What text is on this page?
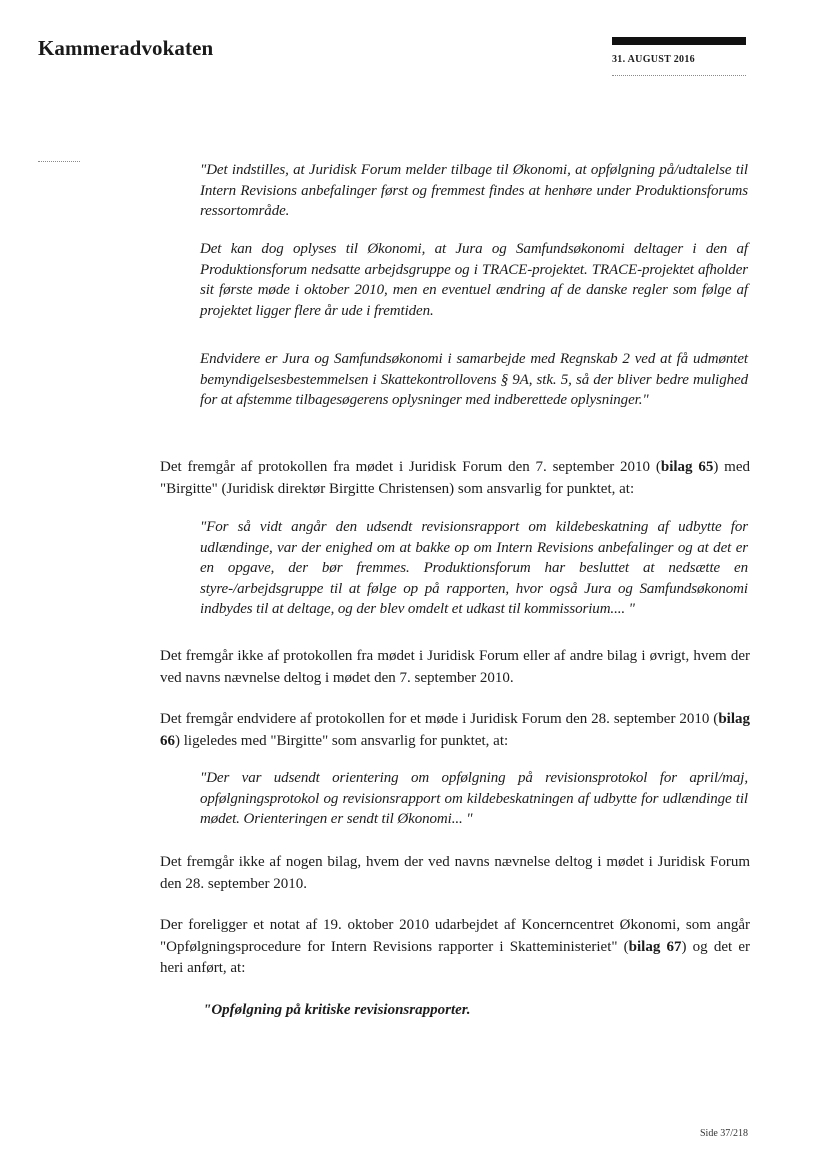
Kammeradvokaten	31. AUGUST 2016

"Det indstilles, at Juridisk Forum melder tilbage til Økonomi, at opfølgning på/udtalelse til Intern Revisions anbefalinger først og fremmest findes at henhøre under Produktionsforums ressortområde.

Det kan dog oplyses til Økonomi, at Jura og Samfundsøkonomi deltager i den af Produktionsforum nedsatte arbejdsgruppe og i TRACE-projektet. TRACE-projektet afholder sit første møde i oktober 2010, men en eventuel ændring af de danske regler som følge af projektet ligger flere år ude i fremtiden.

Endvidere er Jura og Samfundsøkonomi i samarbejde med Regnskab 2 ved at få udmøntet bemyndigelsesbestemmelsen i Skattekontrollovens § 9A, stk. 5, så der bliver bedre mulighed for at afstemme tilbagesøgerens oplysninger med indberettede oplysninger."

Det fremgår af protokollen fra mødet i Juridisk Forum den 7. september 2010 (bilag 65) med "Birgitte" (Juridisk direktør Birgitte Christensen) som ansvarlig for punktet, at:

"For så vidt angår den udsendt revisionsrapport om kildebeskatning af udbytte for udlændinge, var der enighed om at bakke op om Intern Revisions anbefalinger og at det er en opgave, der bør fremmes. Produktionsforum har besluttet at nedsætte en styre-/arbejdsgruppe til at følge op på rapporten, hvor også Jura og Samfundsøkonomi indbydes til at deltage, og der blev omdelt et udkast til kommissorium.... "

Det fremgår ikke af protokollen fra mødet i Juridisk Forum eller af andre bilag i øvrigt, hvem der ved navns nævnelse deltog i mødet den 7. september 2010.

Det fremgår endvidere af protokollen for et møde i Juridisk Forum den 28. september 2010 (bilag 66) ligeledes med "Birgitte" som ansvarlig for punktet, at:

"Der var udsendt orientering om opfølgning på revisionsprotokol for april/maj, opfølgningsprotokol og revisionsrapport om kildebeskatningen af udbytte for udlændinge til mødet. Orienteringen er sendt til Økonomi... "

Det fremgår ikke af nogen bilag, hvem der ved navns nævnelse deltog i mødet i Juridisk Forum den 28. september 2010.

Der foreligger et notat af 19. oktober 2010 udarbejdet af Koncerncentret Økonomi, som angår "Opfølgningsprocedure for Intern Revisions rapporter i Skatteministeriet" (bilag 67) og det er heri anført, at:

"Opfølgning på kritiske revisionsrapporter.

Side 37/218
